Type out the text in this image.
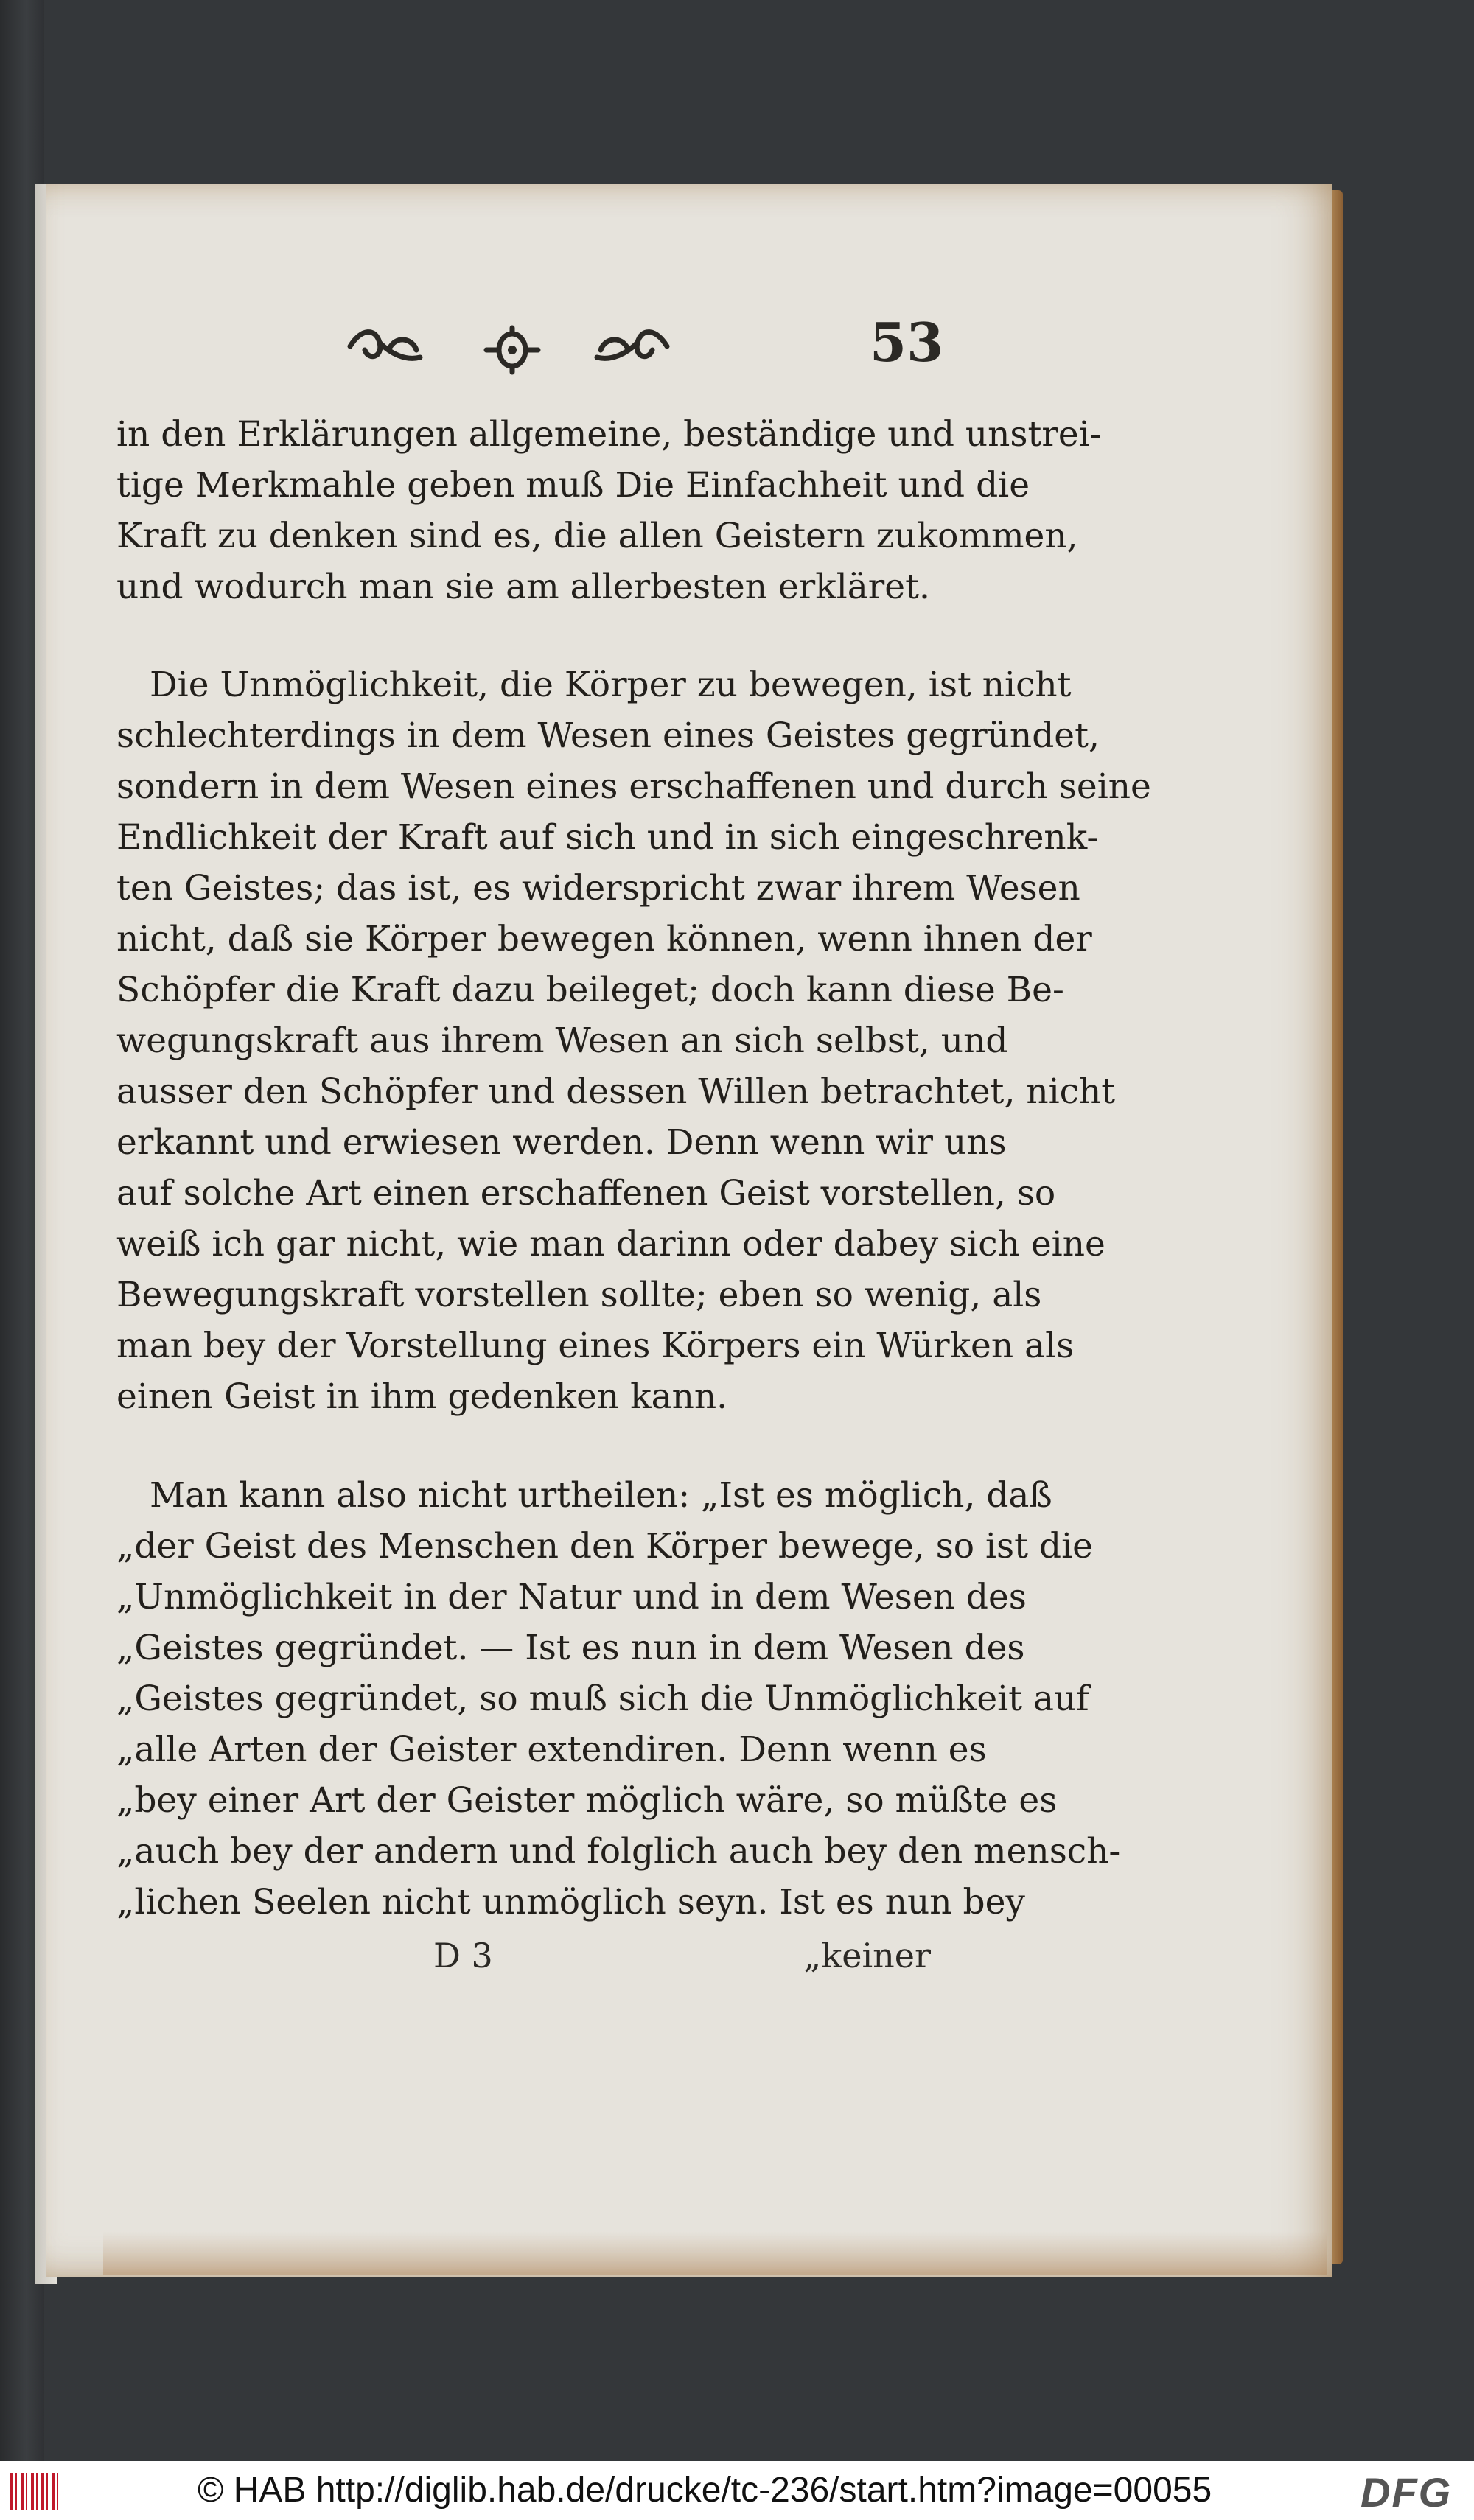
53
in den Erklärungen allgemeine, beständige und unstrei-
tige Merkmahle geben muß Die Einfachheit und die
Kraft zu denken sind es, die allen Geistern zukommen,
und wodurch man sie am allerbesten erkläret.
Die Unmöglichkeit, die Körper zu bewegen, ist nicht
schlechterdings in dem Wesen eines Geistes gegründet,
sondern in dem Wesen eines erschaffenen und durch seine
Endlichkeit der Kraft auf sich und in sich eingeschrenk-
ten Geistes; das ist, es widerspricht zwar ihrem Wesen
nicht, daß sie Körper bewegen können, wenn ihnen der
Schöpfer die Kraft dazu beileget; doch kann diese Be-
wegungskraft aus ihrem Wesen an sich selbst, und
ausser den Schöpfer und dessen Willen betrachtet, nicht
erkannt und erwiesen werden. Denn wenn wir uns
auf solche Art einen erschaffenen Geist vorstellen, so
weiß ich gar nicht, wie man darinn oder dabey sich eine
Bewegungskraft vorstellen sollte; eben so wenig, als
man bey der Vorstellung eines Körpers ein Würken als
einen Geist in ihm gedenken kann.
Man kann also nicht urtheilen: „Ist es möglich, daß
„der Geist des Menschen den Körper bewege, so ist die
„Unmöglichkeit in der Natur und in dem Wesen des
„Geistes gegründet. — Ist es nun in dem Wesen des
„Geistes gegründet, so muß sich die Unmöglichkeit auf
„alle Arten der Geister extendiren. Denn wenn es
„bey einer Art der Geister möglich wäre, so müßte es
„auch bey der andern und folglich auch bey den mensch-
„lichen Seelen nicht unmöglich seyn. Ist es nun bey
D 3	„keiner
© HAB http://diglib.hab.de/drucke/tc-236/start.htm?image=00055	DFG
